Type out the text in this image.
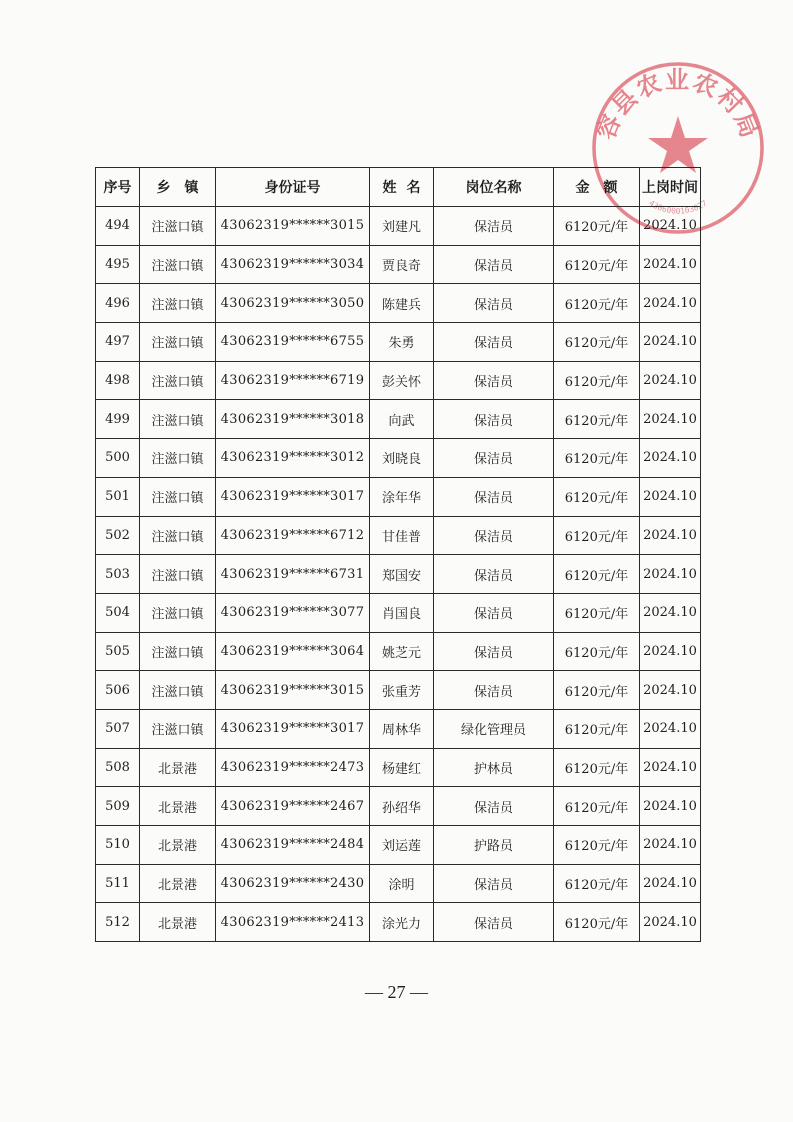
容县农业农村局
4306000103027
序号	乡镇	身份证号	姓名	岗位名称	金额	上岗时间
494	注滋口镇	43062319******3015	刘建凡	保洁员	6120元/年	2024.10
495	注滋口镇	43062319******3034	贾良奇	保洁员	6120元/年	2024.10
496	注滋口镇	43062319******3050	陈建兵	保洁员	6120元/年	2024.10
497	注滋口镇	43062319******6755	朱勇	保洁员	6120元/年	2024.10
498	注滋口镇	43062319******6719	彭关怀	保洁员	6120元/年	2024.10
499	注滋口镇	43062319******3018	向武	保洁员	6120元/年	2024.10
500	注滋口镇	43062319******3012	刘晓良	保洁员	6120元/年	2024.10
501	注滋口镇	43062319******3017	涂年华	保洁员	6120元/年	2024.10
502	注滋口镇	43062319******6712	甘佳普	保洁员	6120元/年	2024.10
503	注滋口镇	43062319******6731	郑国安	保洁员	6120元/年	2024.10
504	注滋口镇	43062319******3077	肖国良	保洁员	6120元/年	2024.10
505	注滋口镇	43062319******3064	姚芝元	保洁员	6120元/年	2024.10
506	注滋口镇	43062319******3015	张重芳	保洁员	6120元/年	2024.10
507	注滋口镇	43062319******3017	周林华	绿化管理员	6120元/年	2024.10
508	北景港	43062319******2473	杨建红	护林员	6120元/年	2024.10
509	北景港	43062319******2467	孙绍华	保洁员	6120元/年	2024.10
510	北景港	43062319******2484	刘运莲	护路员	6120元/年	2024.10
511	北景港	43062319******2430	涂明	保洁员	6120元/年	2024.10
512	北景港	43062319******2413	涂光力	保洁员	6120元/年	2024.10
— 27 —
